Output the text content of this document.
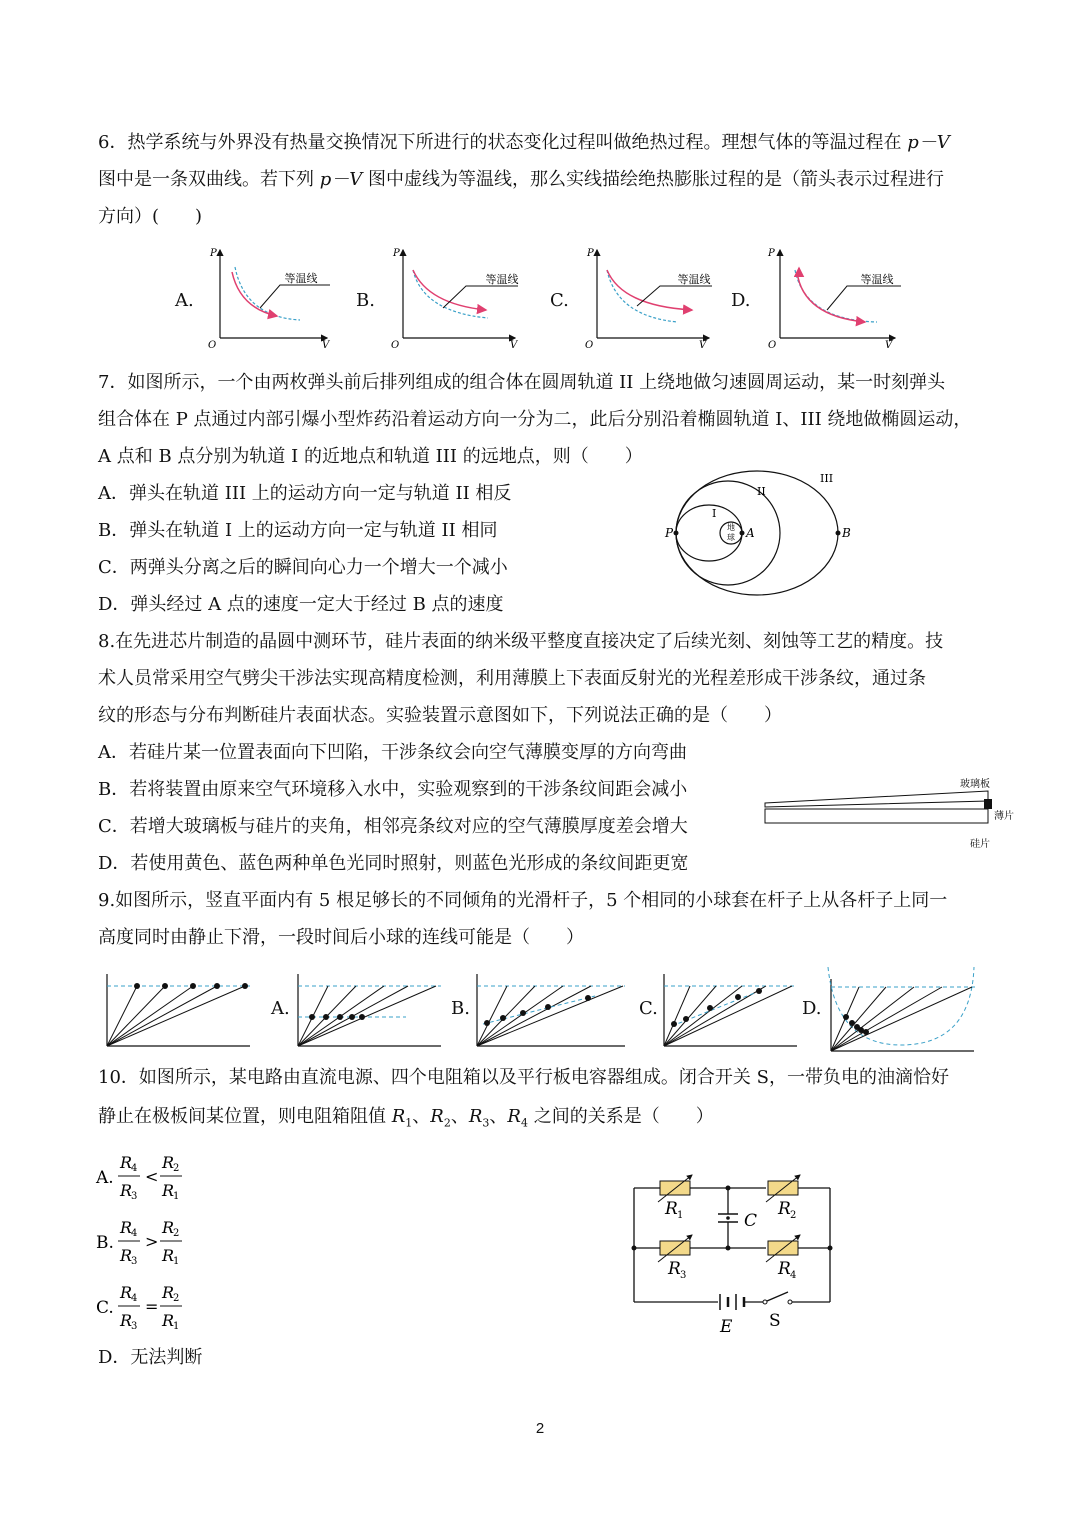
6．热学系统与外界没有热量交换情况下所进行的状态变化过程叫做绝热过程。理想气体的等温过程在 p－V
图中是一条双曲线。若下列 p－V 图中虚线为等温线，那么实线描绘绝热膨胀过程的是（箭头表示过程进行
方向）(　　)
A.	B.	C.	D.
等温线
P
V
O
等温线
P
V
O
等温线
P
V
O
等温线
P
V
O
7．如图所示，一个由两枚弹头前后排列组成的组合体在圆周轨道 II 上绕地做匀速圆周运动，某一时刻弹头
组合体在 P 点通过内部引爆小型炸药沿着运动方向一分为二，此后分别沿着椭圆轨道 I、III 绕地做椭圆运动，
A 点和 B 点分别为轨道 I 的近地点和轨道 III 的远地点，则（　　）
A．弹头在轨道 III 上的运动方向一定与轨道 II 相反
B．弹头在轨道 I 上的运动方向一定与轨道 II 相同
C．两弹头分离之后的瞬间向心力一个增大一个减小
D．弹头经过 A 点的速度一定大于经过 B 点的速度
地
球
P	A	B
I
II
III
8.在先进芯片制造的晶圆中测环节，硅片表面的纳米级平整度直接决定了后续光刻、刻蚀等工艺的精度。技
术人员常采用空气劈尖干涉法实现高精度检测，利用薄膜上下表面反射光的光程差形成干涉条纹，通过条
纹的形态与分布判断硅片表面状态。实验装置示意图如下，下列说法正确的是（　　）
A．若硅片某一位置表面向下凹陷，干涉条纹会向空气薄膜变厚的方向弯曲
B．若将装置由原来空气环境移入水中，实验观察到的干涉条纹间距会减小
C．若增大玻璃板与硅片的夹角，相邻亮条纹对应的空气薄膜厚度差会增大
D．若使用黄色、蓝色两种单色光同时照射，则蓝色光形成的条纹间距更宽
玻璃板
薄片
硅片
9.如图所示，竖直平面内有 5 根足够长的不同倾角的光滑杆子，5 个相同的小球套在杆子上从各杆子上同一
高度同时由静止下滑，一段时间后小球的连线可能是（　　）
A.	B.	C.	D.
10．如图所示，某电路由直流电源、四个电阻箱以及平行板电容器组成。闭合开关 S，一带负电的油滴恰好
静止在极板间某位置，则电阻箱阻值 $R_1$、$R_2$、$R_3$、$R_4$ 之间的关系是（　　）
A.
R
4
R
3
<
R
2
R
1
B.
R
4
R
3
>
R
2
R
1
C.
R
4
R
3
=
R
2
R
1
D．无法判断
R 1	R 2
R 3	R 4
C
E S
2
